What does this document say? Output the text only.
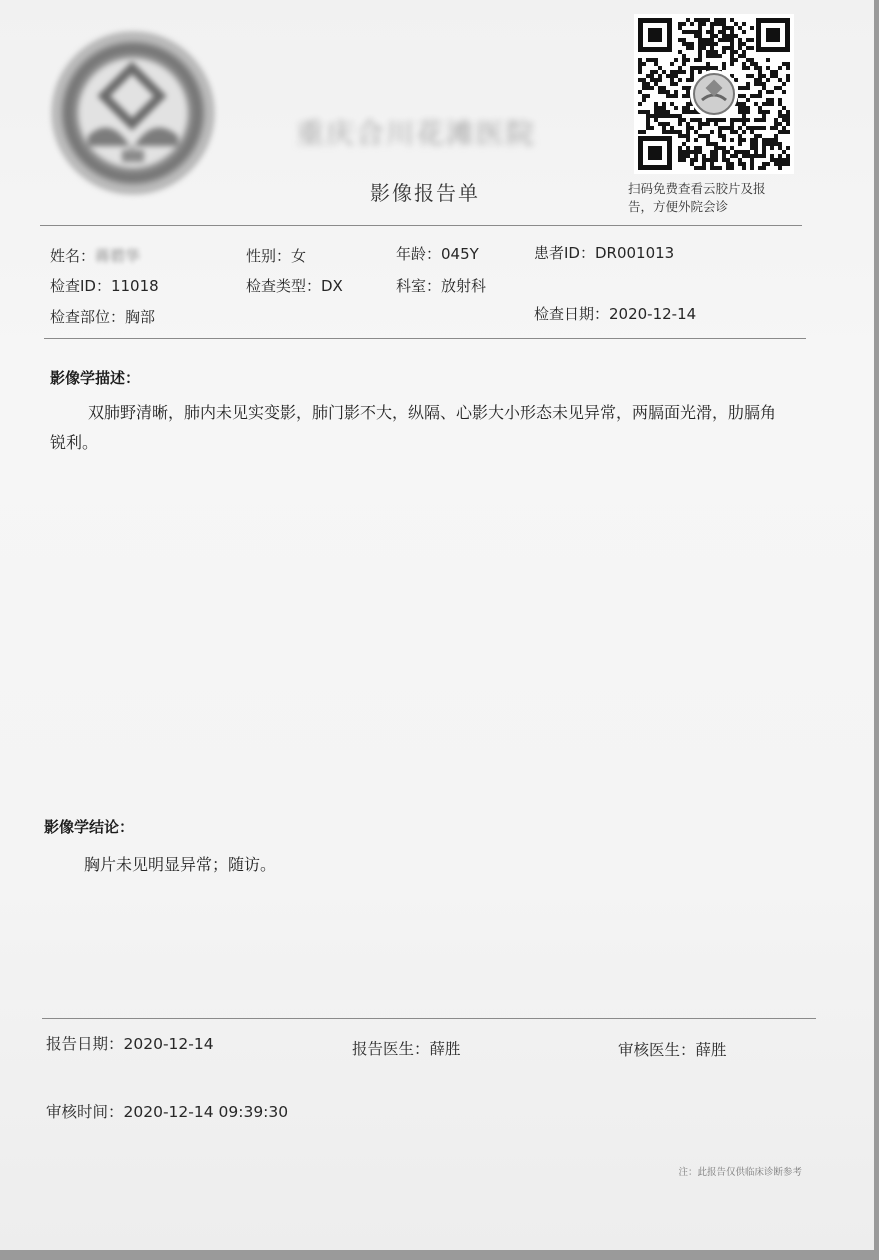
重庆合川花滩医院
影像报告单	扫码免费查看云胶片及报告，方便外院会诊
姓名：蒋碧华	性别：女	年龄：045Y	患者ID：DR001013
检查ID：11018	检查类型：DX	科室：放射科
检查部位：胸部	检查日期：2020-12-14
影像学描述：
双肺野清晰，肺内未见实变影，肺门影不大，纵隔、心影大小形态未见异常，两膈面光滑，肋膈角锐利。
影像学结论：
胸片未见明显异常；随访。
报告日期：2020-12-14	报告医生：薛胜	审核医生：薛胜
审核时间：2020-12-14 09:39:30
注：此报告仅供临床诊断参考
